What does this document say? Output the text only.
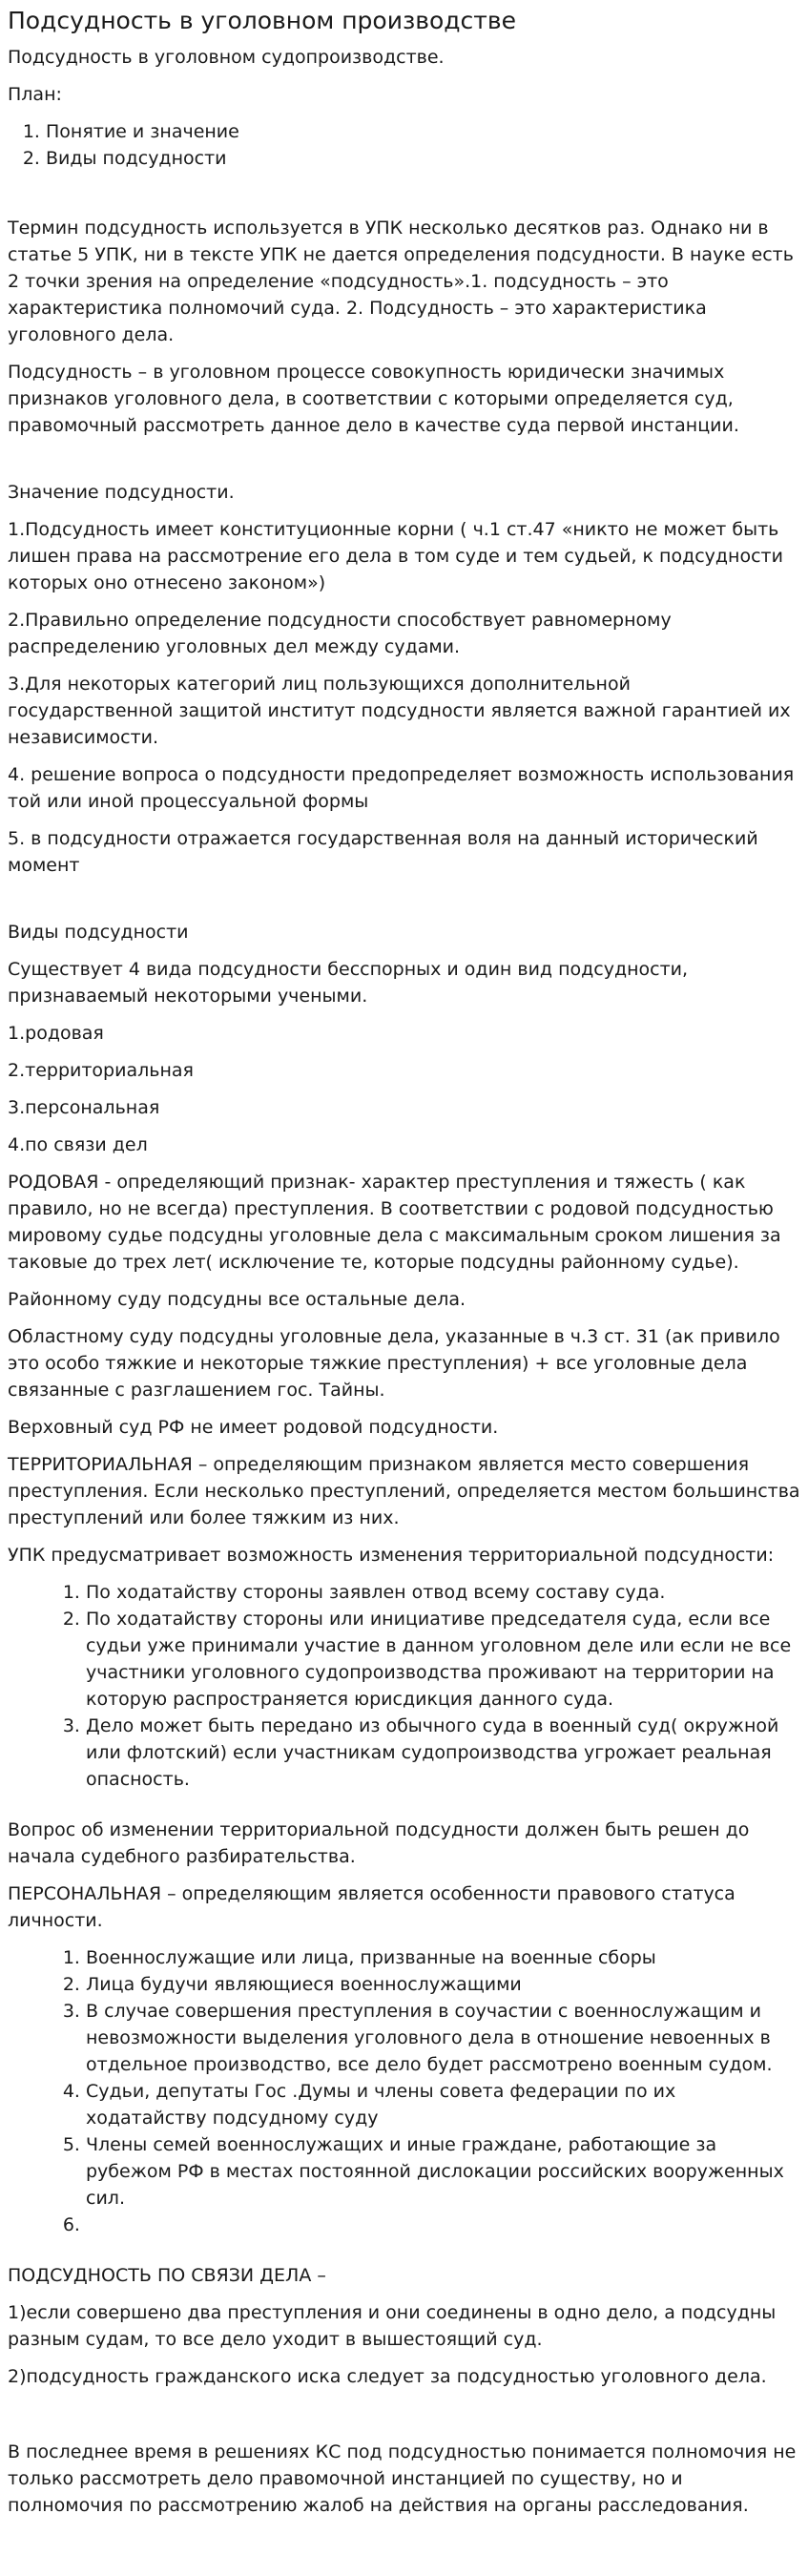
Подсудность в уголовном производстве

Подсудность в уголовном судопроизводстве.

План:

1. Понятие и значение
2. Виды подсудности

Термин подсудность используется в УПК несколько десятков раз. Однако ни в статье 5 УПК, ни в тексте УПК не дается определения подсудности. В науке есть 2 точки зрения на определение «подсудность».1. подсудность – это характеристика полномочий суда. 2. Подсудность – это характеристика уголовного дела.

Подсудность – в уголовном процессе совокупность юридически значимых признаков уголовного дела, в соответствии с которыми определяется суд, правомочный рассмотреть данное дело в качестве суда первой инстанции.

Значение подсудности.

1.Подсудность имеет конституционные корни ( ч.1 ст.47 «никто не может быть лишен права на рассмотрение его дела в том суде и тем судьей, к подсудности которых оно отнесено законом»)

2.Правильно определение подсудности способствует равномерному распределению уголовных дел между судами.

3.Для некоторых категорий лиц пользующихся дополнительной государственной защитой институт подсудности является важной гарантией их независимости.

4. решение вопроса о подсудности предопределяет возможность использования той или иной процессуальной формы

5. в подсудности отражается государственная воля на данный исторический момент

Виды подсудности

Существует 4 вида подсудности бесспорных и один вид подсудности, признаваемый некоторыми учеными.

1.родовая

2.территориальная

3.персональная

4.по связи дел

РОДОВАЯ - определяющий признак- характер преступления и тяжесть ( как правило, но не всегда) преступления. В соответствии с родовой подсудностью мировому судье подсудны уголовные дела с максимальным сроком лишения за таковые до трех лет( исключение те, которые подсудны районному судье).

Районному суду подсудны все остальные дела.

Областному суду подсудны уголовные дела, указанные в ч.3 ст. 31 (ак привило это особо тяжкие и некоторые тяжкие преступления) + все уголовные дела связанные с разглашением гос. Тайны.

Верховный суд РФ не имеет родовой подсудности.

ТЕРРИТОРИАЛЬНАЯ – определяющим признаком является место совершения преступления. Если несколько преступлений, определяется местом большинства преступлений или более тяжким из них.

УПК предусматривает возможность изменения территориальной подсудности:

1. По ходатайству стороны заявлен отвод всему составу суда.
2. По ходатайству стороны или инициативе председателя суда, если все судьи уже принимали участие в данном уголовном деле или если не все участники уголовного судопроизводства проживают на территории на которую распространяется юрисдикция данного суда.
3. Дело может быть передано из обычного суда в военный суд( окружной или флотский) если участникам судопроизводства угрожает реальная опасность.

Вопрос об изменении территориальной подсудности должен быть решен до начала судебного разбирательства.

ПЕРСОНАЛЬНАЯ – определяющим является особенности правового статуса личности.

1. Военнослужащие или лица, призванные на военные сборы
2. Лица будучи являющиеся военнослужащими
3. В случае совершения преступления в соучастии с военнослужащим и невозможности выделения уголовного дела в отношение невоенных в отдельное производство, все дело будет рассмотрено военным судом.
4. Судьи, депутаты Гос .Думы и члены совета федерации по их ходатайству подсудному суду
5. Члены семей военнослужащих и иные граждане, работающие за рубежом РФ в местах постоянной дислокации российских вооруженных сил.
6.

ПОДСУДНОСТЬ ПО СВЯЗИ ДЕЛА –

1)если совершено два преступления и они соединены в одно дело, а подсудны разным судам, то все дело уходит в вышестоящий суд.

2)подсудность гражданского иска следует за подсудностью уголовного дела.

В последнее время в решениях КС под подсудностью понимается полномочия не только рассмотреть дело правомочной инстанцией по существу, но и полномочия по рассмотрению жалоб на действия на органы расследования.
